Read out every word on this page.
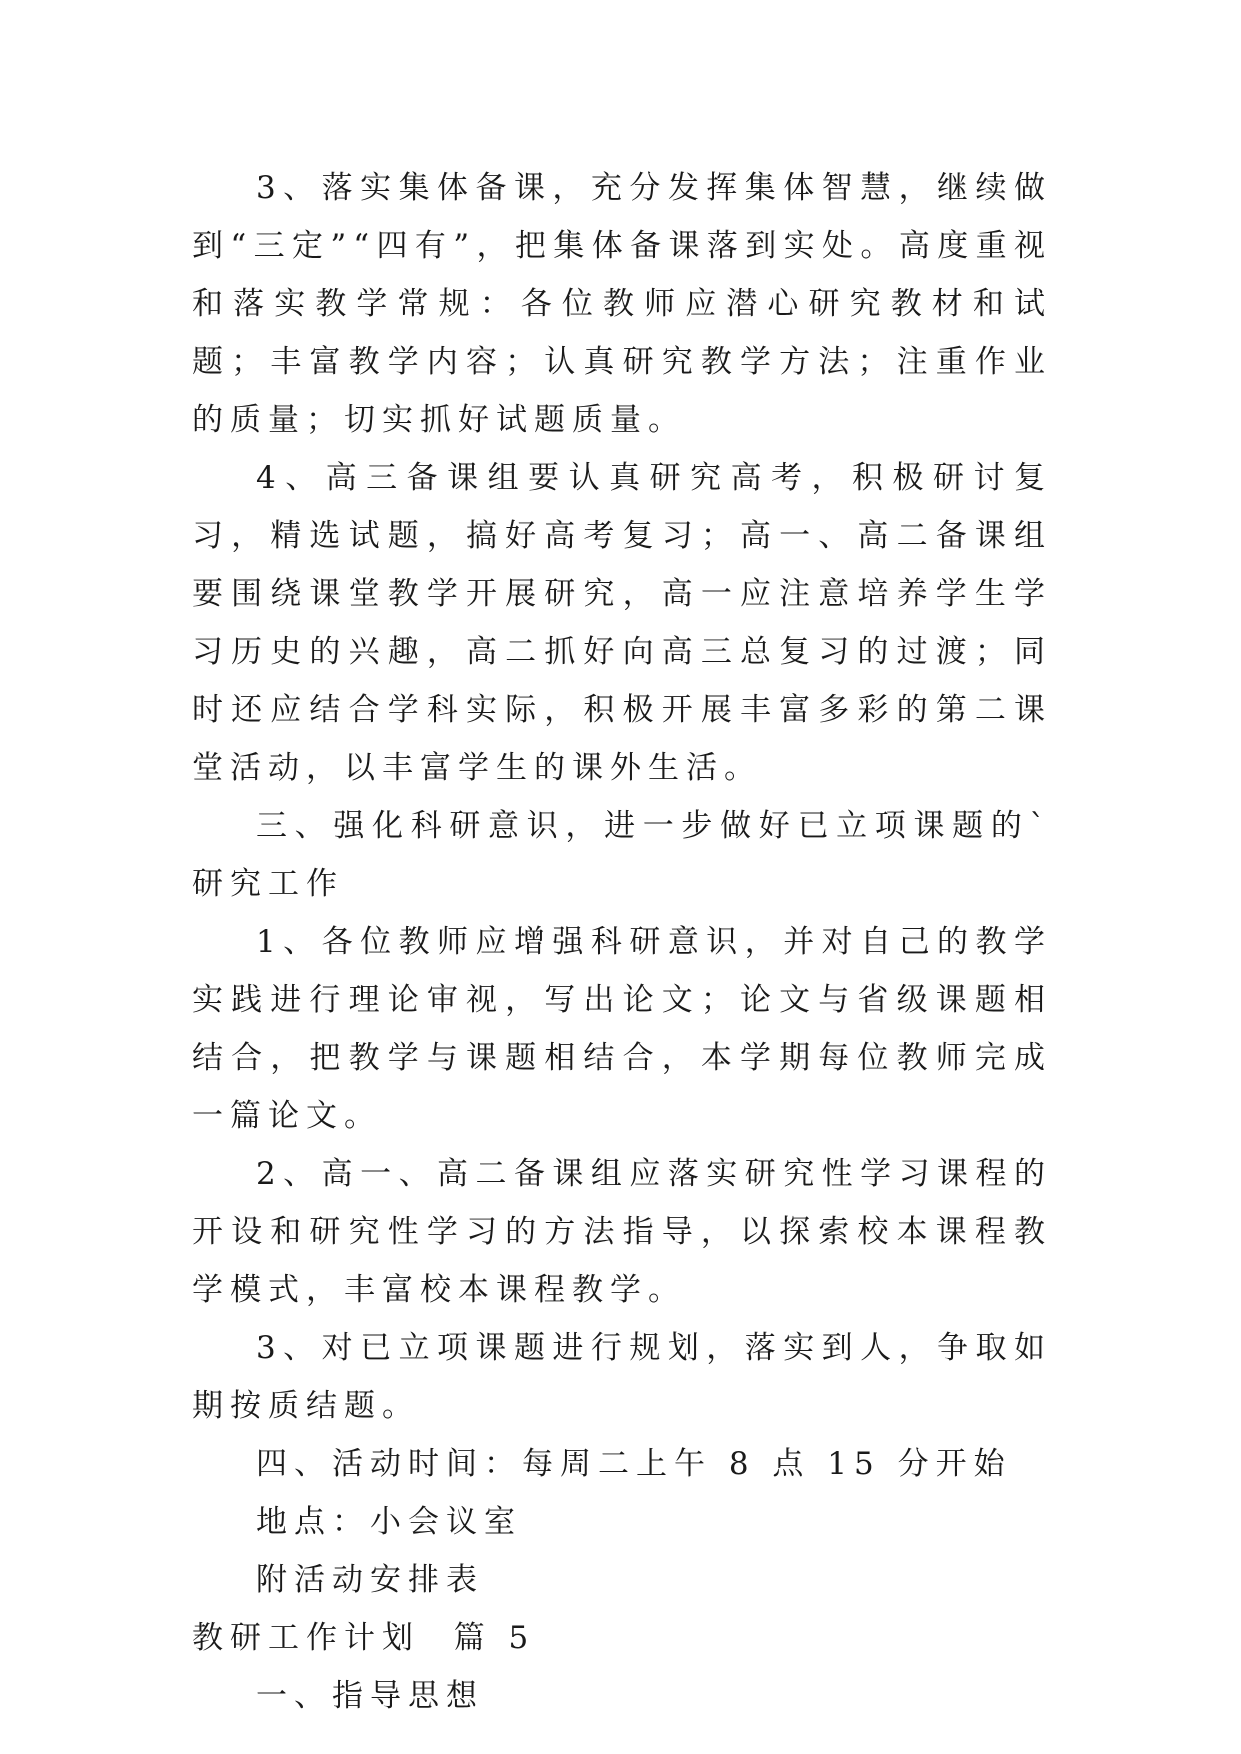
3、落实集体备课，充分发挥集体智慧，继续做到“三定”“四有”，把集体备课落到实处。高度重视和落实教学常规：各位教师应潜心研究教材和试题；丰富教学内容；认真研究教学方法；注重作业的质量；切实抓好试题质量。

4、高三备课组要认真研究高考，积极研讨复习，精选试题，搞好高考复习；高一、高二备课组要围绕课堂教学开展研究，高一应注意培养学生学习历史的兴趣，高二抓好向高三总复习的过渡；同时还应结合学科实际，积极开展丰富多彩的第二课堂活动，以丰富学生的课外生活。

三、强化科研意识，进一步做好已立项课题的`研究工作

1、各位教师应增强科研意识，并对自己的教学实践进行理论审视，写出论文；论文与省级课题相结合，把教学与课题相结合，本学期每位教师完成一篇论文。

2、高一、高二备课组应落实研究性学习课程的开设和研究性学习的方法指导，以探索校本课程教学模式，丰富校本课程教学。

3、对已立项课题进行规划，落实到人，争取如期按质结题。

四、活动时间：每周二上午 8 点 15 分开始

地点：小会议室

附活动安排表

教研工作计划  篇 5

一、指导思想
